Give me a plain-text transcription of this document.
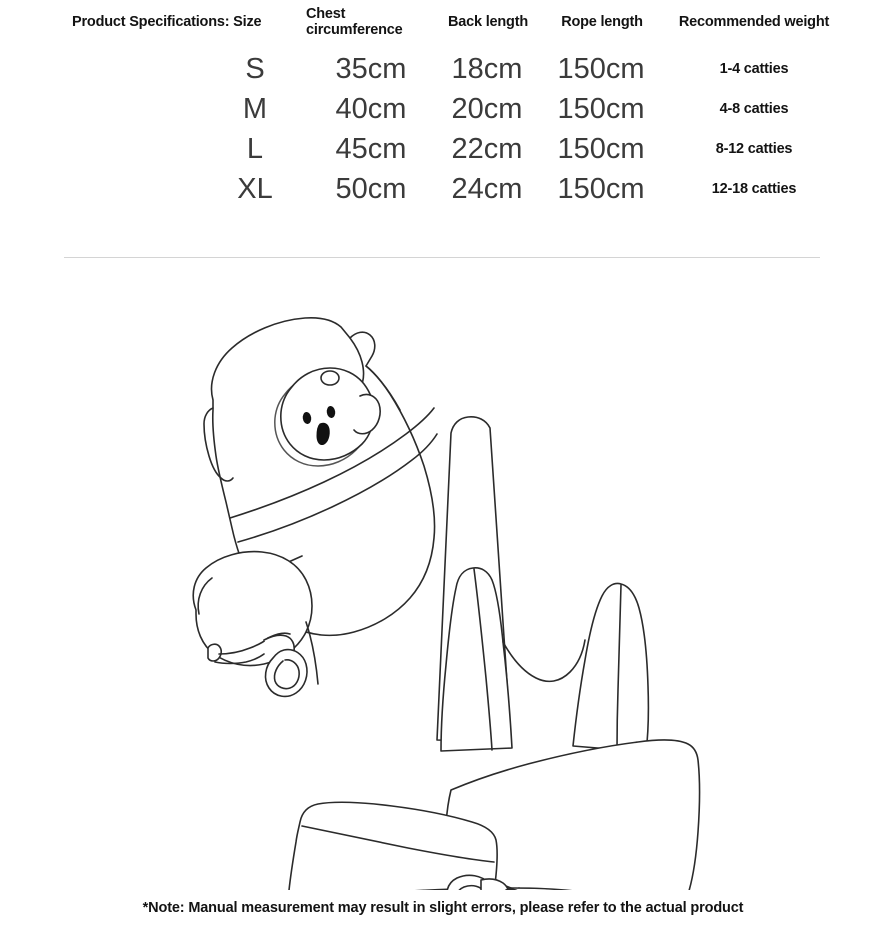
Product Specifications: Size	Chest circumference	Back length	Rope length	Recommended weight
S	35cm	18cm	150cm	1-4 catties
M	40cm	20cm	150cm	4-8 catties
L	45cm	22cm	150cm	8-12 catties
XL	50cm	24cm	150cm	12-18 catties
*Note: Manual measurement may result in slight errors, please refer to the actual product
